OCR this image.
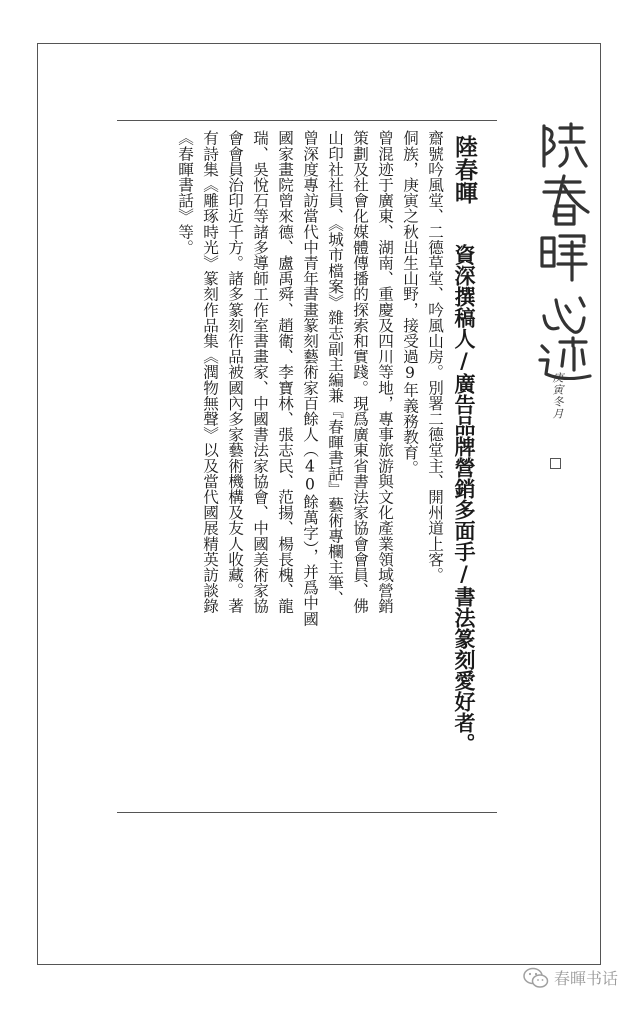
庚寅冬月
陸春暉 資深撰稿人/廣告品牌營銷多面手/書法篆刻愛好者。
齋號吟風堂、二德草堂、吟風山房。別署二德堂主、開州道上客。
侗族，庚寅之秋出生山野，接受過9年義務教育。
曾混迹于廣東、湖南、重慶及四川等地，專事旅游與文化產業領域營銷
策劃及社會化媒體傳播的探索和實踐。現爲廣東省書法家協會會員、佛
山印社社員、《城市檔案》雜志副主編兼『春暉書話』藝術專欄主筆、
曾深度專訪當代中青年書畫篆刻藝術家百餘人（40餘萬字），并爲中國
國家畫院曾來德、盧禹舜、趙衛、李寶林、張志民、范揚、楊長槐、龍
瑞、吳悅石等諸多導師工作室書畫家、中國書法家協會、中國美術家協
會會員治印近千方。諸多篆刻作品被國內多家藝術機構及友人收藏。著
有詩集《雕琢時光》篆刻作品集《潤物無聲》以及當代國展精英訪談錄
《春暉書話》等。
春暉书话
